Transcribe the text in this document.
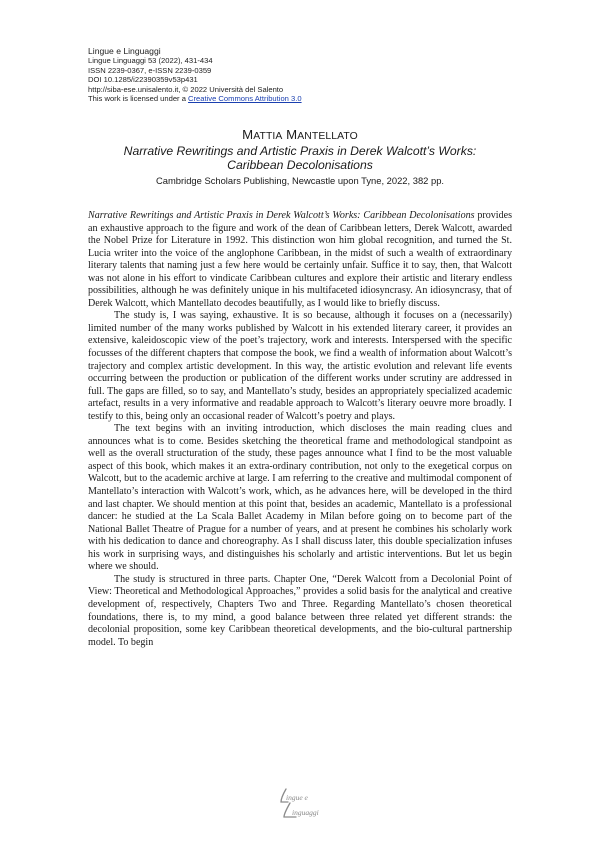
Lingue e Linguaggi
Lingue Linguaggi 53 (2022), 431-434
ISSN 2239-0367, e-ISSN 2239-0359
DOI 10.1285/i22390359v53p431
http://siba-ese.unisalento.it, © 2022 Università del Salento
This work is licensed under a Creative Commons Attribution 3.0
MATTIA MANTELLATO
Narrative Rewritings and Artistic Praxis in Derek Walcott’s Works:
Caribbean Decolonisations
Cambridge Scholars Publishing, Newcastle upon Tyne, 2022, 382 pp.

Narrative Rewritings and Artistic Praxis in Derek Walcott’s Works: Caribbean Decolonisations provides an exhaustive approach to the figure and work of the dean of Caribbean letters, Derek Walcott, awarded the Nobel Prize for Literature in 1992. This distinction won him global recognition, and turned the St. Lucia writer into the voice of the anglophone Caribbean, in the midst of such a wealth of extraordinary literary talents that naming just a few here would be certainly unfair. Suffice it to say, then, that Walcott was not alone in his effort to vindicate Caribbean cultures and explore their artistic and literary endless possibilities, although he was definitely unique in his multifaceted idiosyncrasy. An idiosyncrasy, that of Derek Walcott, which Mantellato decodes beautifully, as I would like to briefly discuss.

The study is, I was saying, exhaustive. It is so because, although it focuses on a (necessarily) limited number of the many works published by Walcott in his extended literary career, it provides an extensive, kaleidoscopic view of the poet’s trajectory, work and interests. Interspersed with the specific focusses of the different chapters that compose the book, we find a wealth of information about Walcott’s trajectory and complex artistic development. In this way, the artistic evolution and relevant life events occurring between the production or publication of the different works under scrutiny are addressed in full. The gaps are filled, so to say, and Mantellato’s study, besides an appropriately specialized academic artefact, results in a very informative and readable approach to Walcott’s literary oeuvre more broadly. I testify to this, being only an occasional reader of Walcott’s poetry and plays.

The text begins with an inviting introduction, which discloses the main reading clues and announces what is to come. Besides sketching the theoretical frame and methodological standpoint as well as the overall structuration of the study, these pages announce what I find to be the most valuable aspect of this book, which makes it an extra-ordinary contribution, not only to the exegetical corpus on Walcott, but to the academic archive at large. I am referring to the creative and multimodal component of Mantellato’s interaction with Walcott’s work, which, as he advances here, will be developed in the third and last chapter. We should mention at this point that, besides an academic, Mantellato is a professional dancer: he studied at the La Scala Ballet Academy in Milan before going on to become part of the National Ballet Theatre of Prague for a number of years, and at present he combines his scholarly work with his dedication to dance and choreography. As I shall discuss later, this double specialization infuses his work in surprising ways, and distinguishes his scholarly and artistic interventions. But let us begin where we should.

The study is structured in three parts. Chapter One, “Derek Walcott from a Decolonial Point of View: Theoretical and Methodological Approaches,” provides a solid basis for the analytical and creative development of, respectively, Chapters Two and Three. Regarding Mantellato’s chosen theoretical foundations, there is, to my mind, a good balance between three related yet different strands: the decolonial proposition, some key Caribbean theoretical developments, and the bio-cultural partnership model. To begin

ingue e
inguaggi
